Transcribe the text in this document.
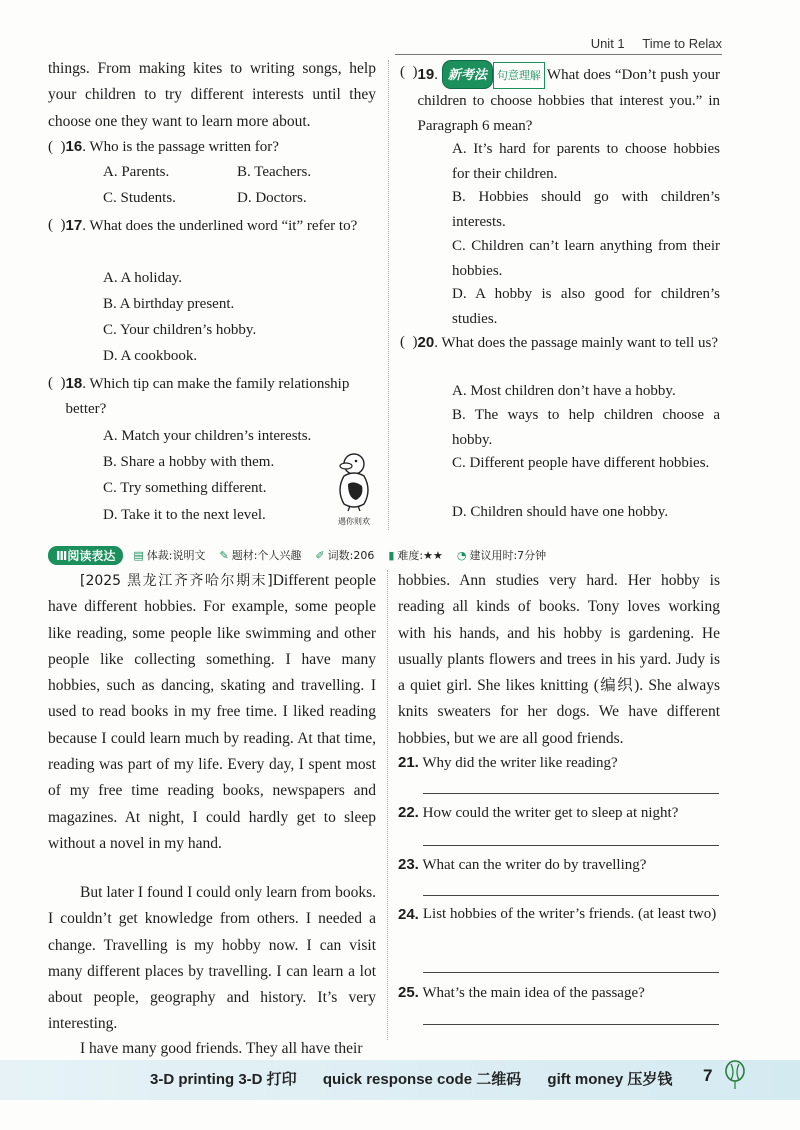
Unit 1 Time to Relax
things. From making kites to writing songs, help your children to try different interests until they choose one they want to learn more about.
( )16. Who is the passage written for?
A. Parents.	B. Teachers.
C. Students.	D. Doctors.
( ) 17. What does the underlined word “it” refer to?
A. A holiday.
B. A birthday present.
C. Your children’s hobby.
D. A cookbook.
( ) 18. Which tip can make the family relationship better?
A. Match your children’s interests.
B. Share a hobby with them.
C. Try something different.
D. Take it to the next level.	遇你则欢
( ) 19. 新考法 句意理解 What does “Don’t push your children to choose hobbies that interest you.” in Paragraph 6 mean?
A. It’s hard for parents to choose hobbies for their children.
B. Hobbies should go with children’s interests.
C. Children can’t learn anything from their hobbies.
D. A hobby is also good for children’s studies.
( ) 20. What does the passage mainly want to tell us?
A. Most children don’t have a hobby.
B. The ways to help children choose a hobby.
C. Different people have different hobbies.
D. Children should have one hobby.
Ⅲ阅读表达	▤ 体裁:说明文 ✎ 题材:个人兴趣 ✐ 词数:206 ▮ 难度:★★ ◔ 建议用时:7分钟
[2025 黑龙江齐齐哈尔期末]Different people have different hobbies. For example, some people like reading, some people like swimming and other people like collecting something. I have many hobbies, such as dancing, skating and travelling. I used to read books in my free time. I liked reading because I could learn much by reading. At that time, reading was part of my life. Every day, I spent most of my free time reading books, newspapers and magazines. At night, I could hardly get to sleep without a novel in my hand.
But later I found I could only learn from books. I couldn’t get knowledge from others. I needed a change. Travelling is my hobby now. I can visit many different places by travelling. I can learn a lot about people, geography and history. It’s very interesting.
I have many good friends. They all have their
hobbies. Ann studies very hard. Her hobby is reading all kinds of books. Tony loves working with his hands, and his hobby is gardening. He usually plants flowers and trees in his yard. Judy is a quiet girl. She likes knitting (编织). She always knits sweaters for her dogs. We have different hobbies, but we are all good friends.
21. Why did the writer like reading?
22. How could the writer get to sleep at night?
23. What can the writer do by travelling?
24. List hobbies of the writer’s friends. (at least two)
25. What’s the main idea of the passage?
3-D printing 3-D 打印 quick response code 二维码 gift money 压岁钱	7
